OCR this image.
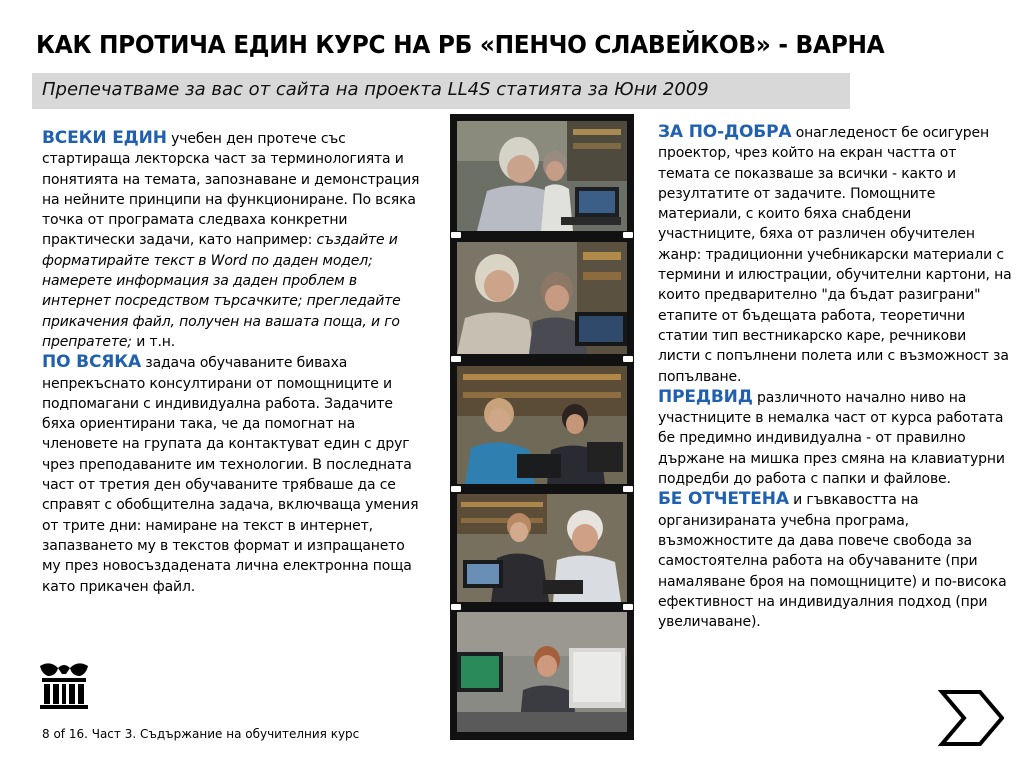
КАК ПРОТИЧА ЕДИН КУРС НА РБ «ПЕНЧО СЛАВЕЙКОВ» - ВАРНА
Препечатваме за вас от сайта на проекта LL4S статията за Юни 2009

ВСЕКИ ЕДИН учебен ден протече със стартираща лекторска част за терминологията и понятията на темата, запознаване и демонстрация на нейните принципи на функциониране. По всяка точка от програмата следваха конкретни практически задачи, като например: създайте и форматирайте текст в Word по даден модел; намерете информация за даден проблем в интернет посредством търсачките; прегледайте прикачения файл, получен на вашата поща, и го препратете; и т.н.

ПО ВСЯКА задача обучаваните биваха непрекъснато консултирани от помощниците и подпомагани с индивидуална работа. Задачите бяха ориентирани така, че да помогнат на членовете на групата да контактуват един с друг чрез преподаваните им технологии. В последната част от третия ден обучаваните трябваше да се справят с обобщителна задача, включваща умения от трите дни: намиране на текст в интернет, запазването му в текстов формат и изпращането му през новосъздадената лична електронна поща като прикачен файл.

ЗА ПО-ДОБРА онагледеност бе осигурен проектор, чрез който на екран частта от темата се показваше за всички - както и резултатите от задачите. Помощните материали, с които бяха снабдени участниците, бяха от различен обучителен жанр: традиционни учебникарски материали с термини и илюстрации, обучителни картони, на които предварително "да бъдат разиграни" етапите от бъдещата работа, теоретични статии тип вестникарско каре, речникови листи с попълнени полета или с възможност за попълване.

ПРЕДВИД различното начално ниво на участниците в немалка част от курса работата бе предимно индивидуална - от правилно държане на мишка през смяна на клавиатурни подредби до работа с папки и файлове.

БЕ ОТЧЕТЕНА и гъвкавостта на организираната учебна програма, възможностите да дава повече свобода за самостоятелна работа на обучаваните (при намаляване броя на помощниците) и по-висока ефективност на индивидуалния подход (при увеличаване).

8 of 16. Част 3. Съдържание на обучителния курс
